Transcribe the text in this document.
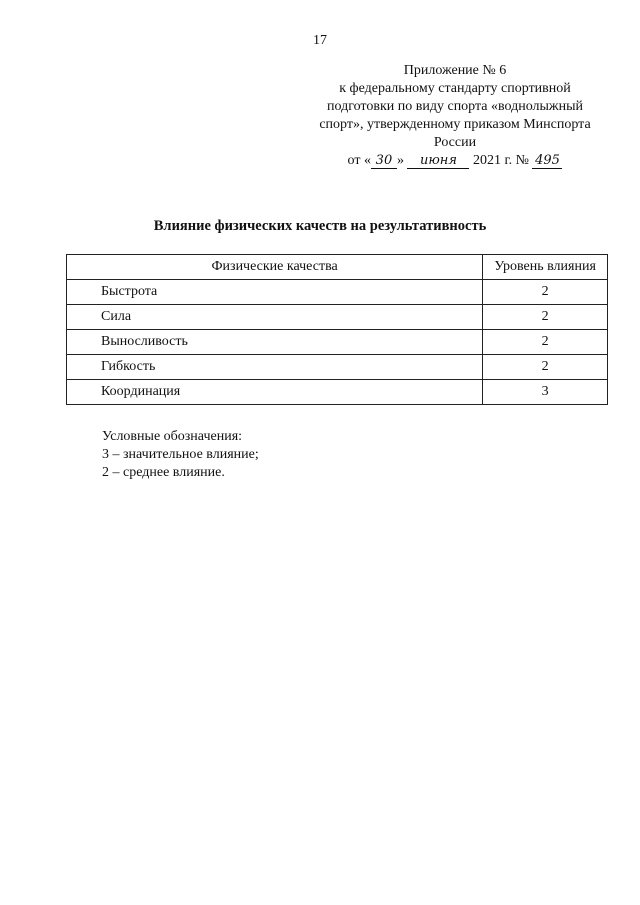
17
Приложение № 6
к федеральному стандарту спортивной
подготовки по виду спорта «воднолыжный
спорт», утвержденному приказом Минспорта
России
от « 30 » июня 2021 г. № 495
Влияние физических качеств на результативность
Физические качества	Уровень влияния
Быстрота	2
Сила	2
Выносливость	2
Гибкость	2
Координация	3
Условные обозначения:
3 – значительное влияние;
2 – среднее влияние.
